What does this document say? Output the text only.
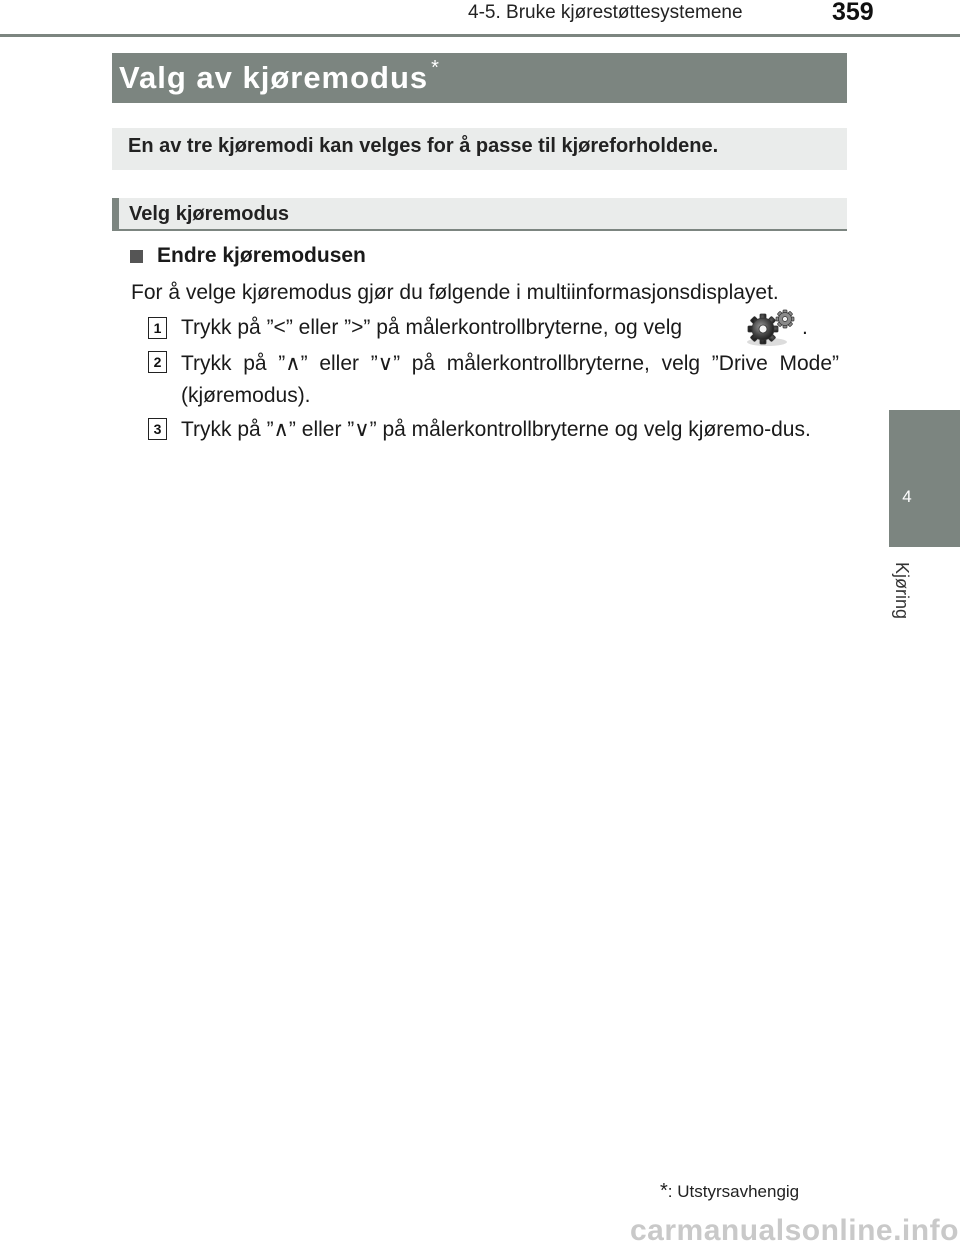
4-5. Bruke kjørestøttesystemene	359
4
Kjøring
Valg av kjøremodus *
En av tre kjøremodi kan velges for å passe til kjøreforholdene.
Velg kjøremodus
Endre kjøremodusen
For å velge kjøremodus gjør du følgende i multiinformasjonsdisplayet.
1 Trykk på ”<” eller ”>” på målerkontrollbryterne, og velg	.
2 Trykk på ”∧” eller ”∨” på målerkontrollbryterne, velg ”Drive Mode” (kjøremodus).
3 Trykk på ”∧” eller ”∨” på målerkontrollbryterne og velg kjøremo-dus.
*: Utstyrsavhengig
carmanualsonline.info
